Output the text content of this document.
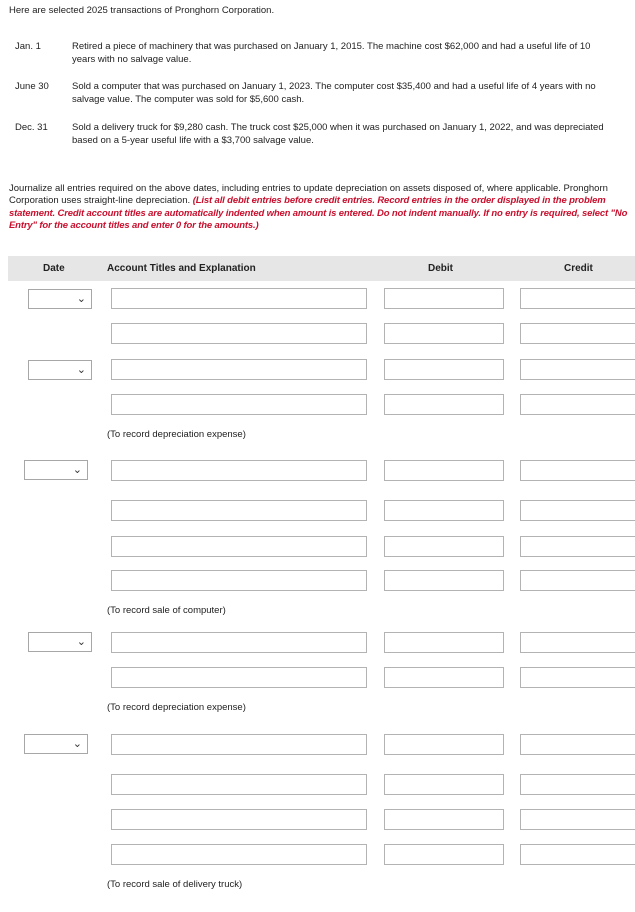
Here are selected 2025 transactions of Pronghorn Corporation.
Jan. 1	Retired a piece of machinery that was purchased on January 1, 2015. The machine cost $62,000 and had a useful life of 10 years with no salvage value.
June 30	Sold a computer that was purchased on January 1, 2023. The computer cost $35,400 and had a useful life of 4 years with no salvage value. The computer was sold for $5,600 cash.
Dec. 31	Sold a delivery truck for $9,280 cash. The truck cost $25,000 when it was purchased on January 1, 2022, and was depreciated based on a 5-year useful life with a $3,700 salvage value.
Journalize all entries required on the above dates, including entries to update depreciation on assets disposed of, where applicable. Pronghorn Corporation uses straight-line depreciation. (List all debit entries before credit entries. Record entries in the order displayed in the problem statement. Credit account titles are automatically indented when amount is entered. Do not indent manually. If no entry is required, select "No Entry" for the account titles and enter 0 for the amounts.)
Date	Account Titles and Explanation	Debit	Credit
⌄
⌄
(To record depreciation expense)
⌄
(To record sale of computer)
⌄
(To record depreciation expense)
⌄
(To record sale of delivery truck)
